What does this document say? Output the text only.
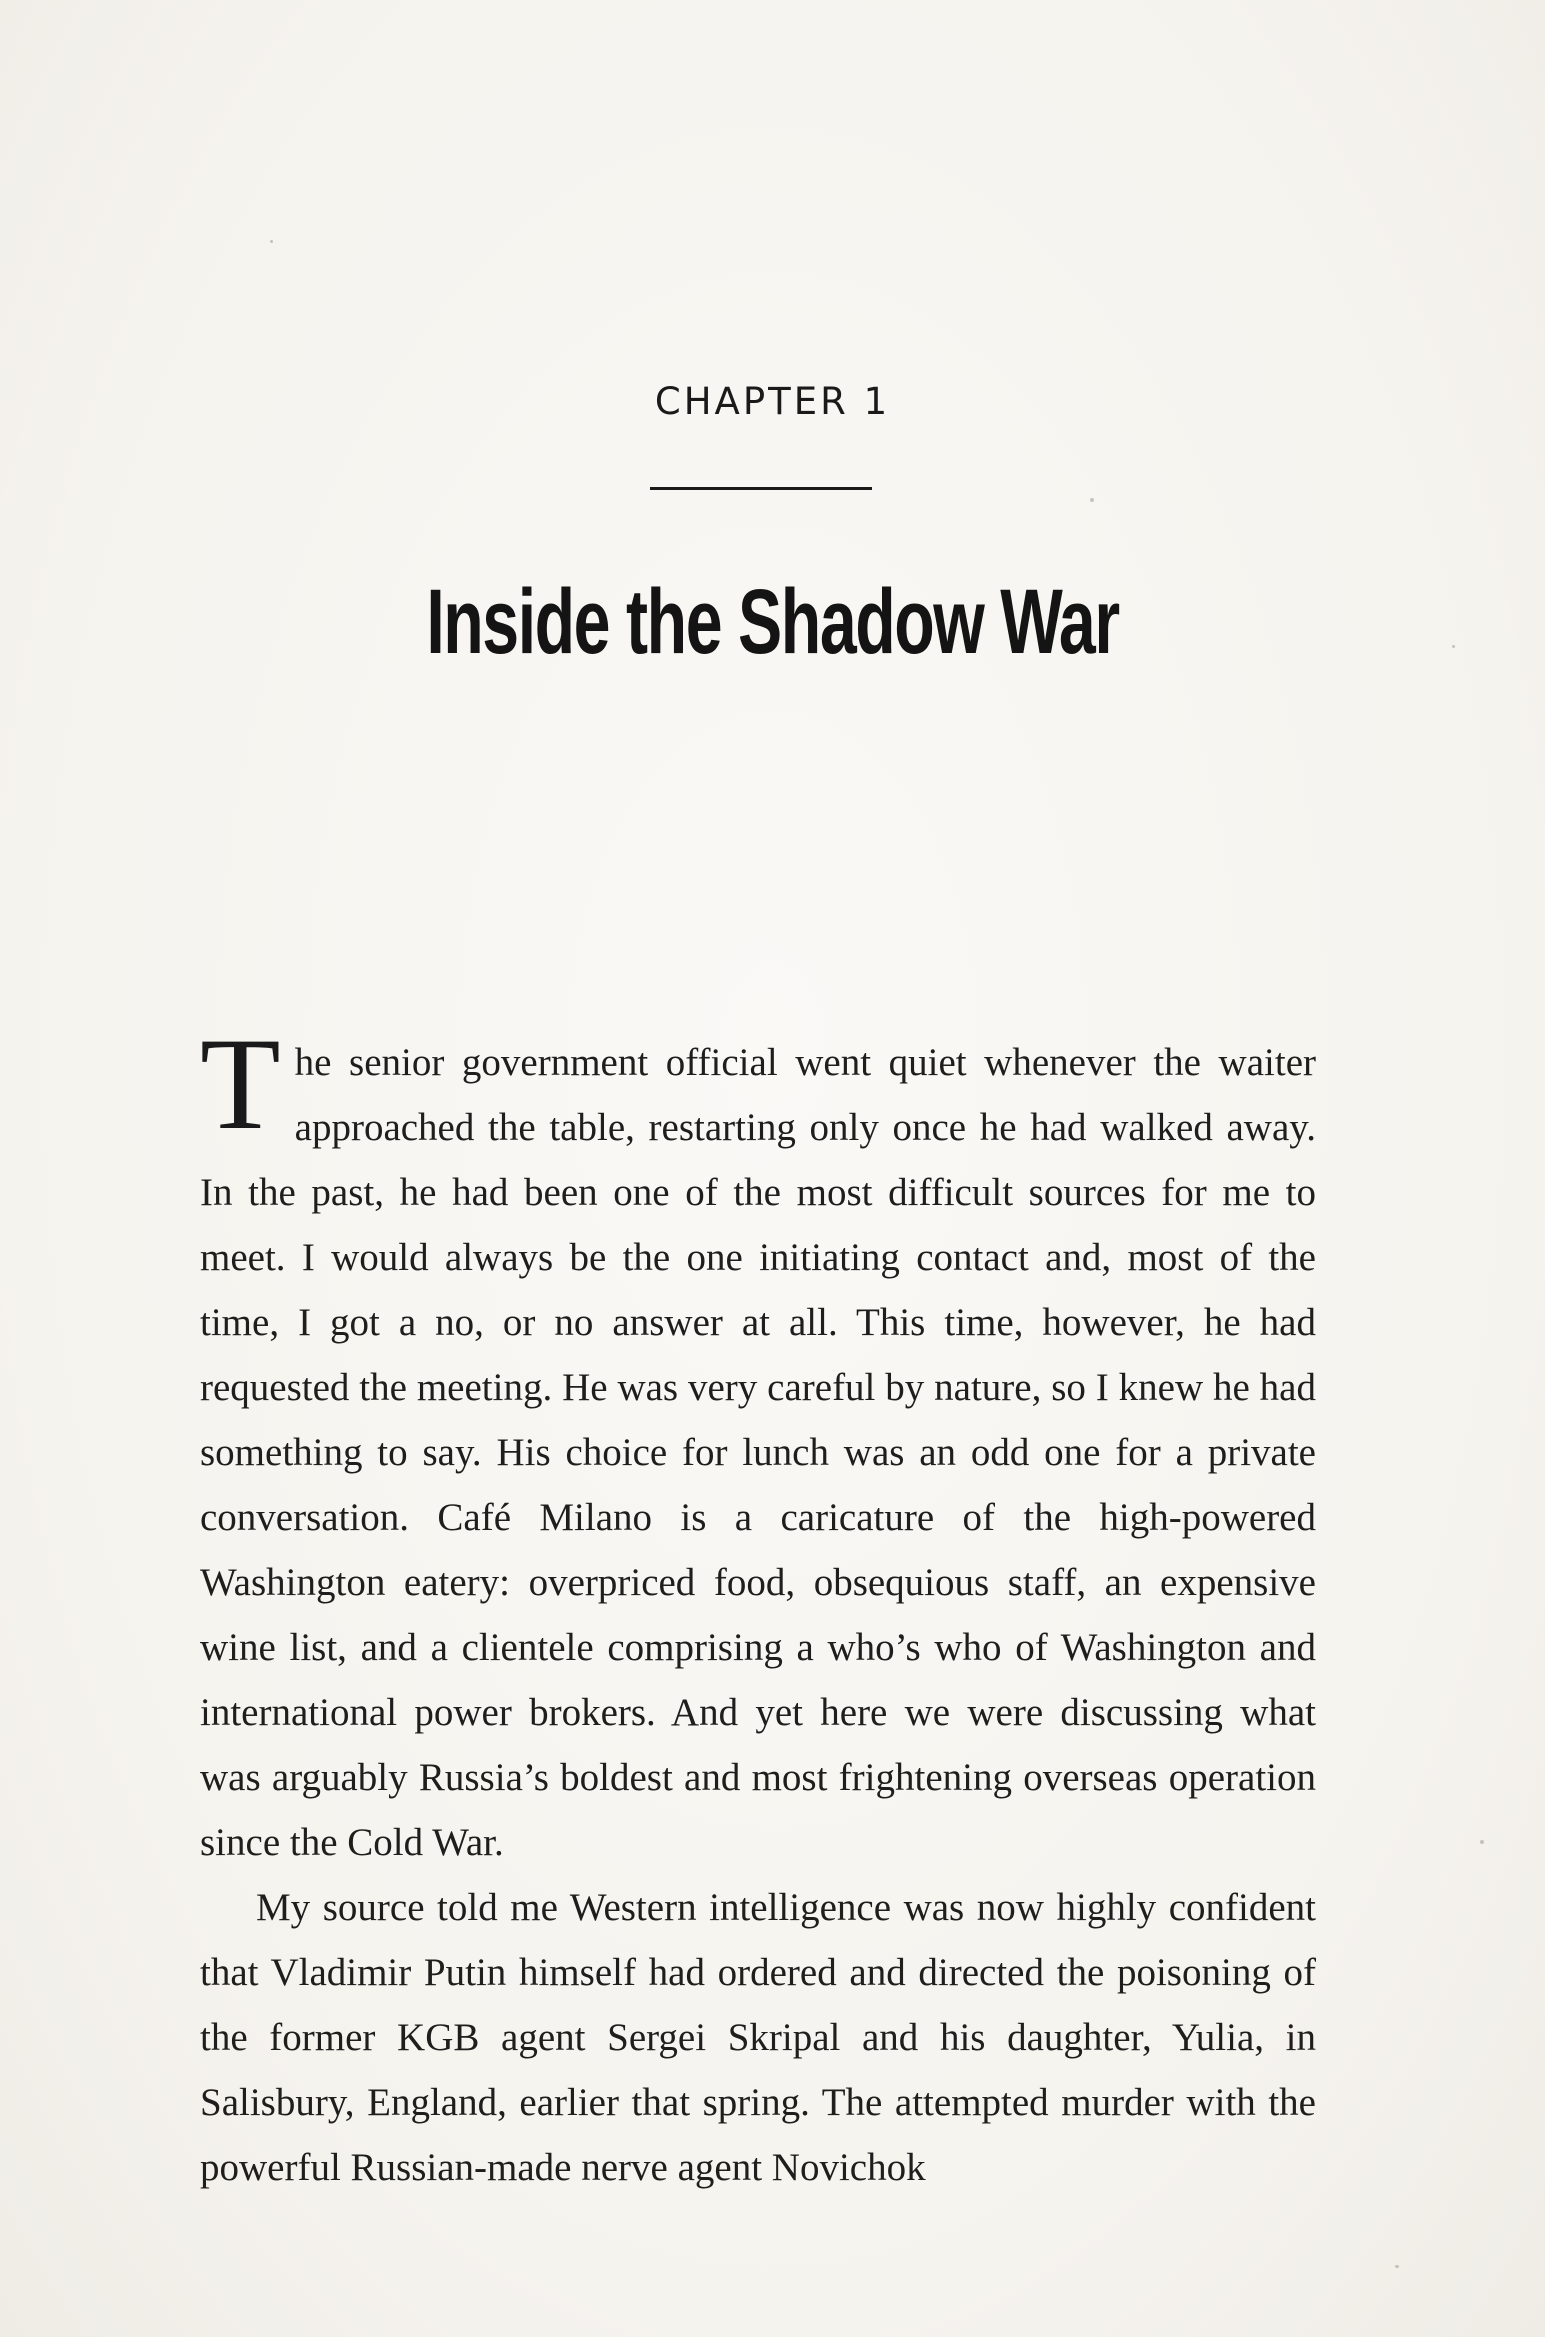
CHAPTER 1
Inside the Shadow War

The senior government official went quiet whenever the waiter approached the table, restarting only once he had walked away. In the past, he had been one of the most difficult sources for me to meet. I would always be the one initiating contact and, most of the time, I got a no, or no answer at all. This time, however, he had requested the meeting. He was very careful by nature, so I knew he had something to say. His choice for lunch was an odd one for a private conversation. Café Milano is a caricature of the high-powered Washington eatery: overpriced food, obsequious staff, an expensive wine list, and a clientele comprising a who’s who of Washington and international power brokers. And yet here we were discussing what was arguably Russia’s boldest and most frightening overseas operation since the Cold War.

My source told me Western intelligence was now highly confident that Vladimir Putin himself had ordered and directed the poisoning of the former KGB agent Sergei Skripal and his daughter, Yulia, in Salisbury, England, earlier that spring. The attempted murder with the powerful Russian-made nerve agent Novichok
